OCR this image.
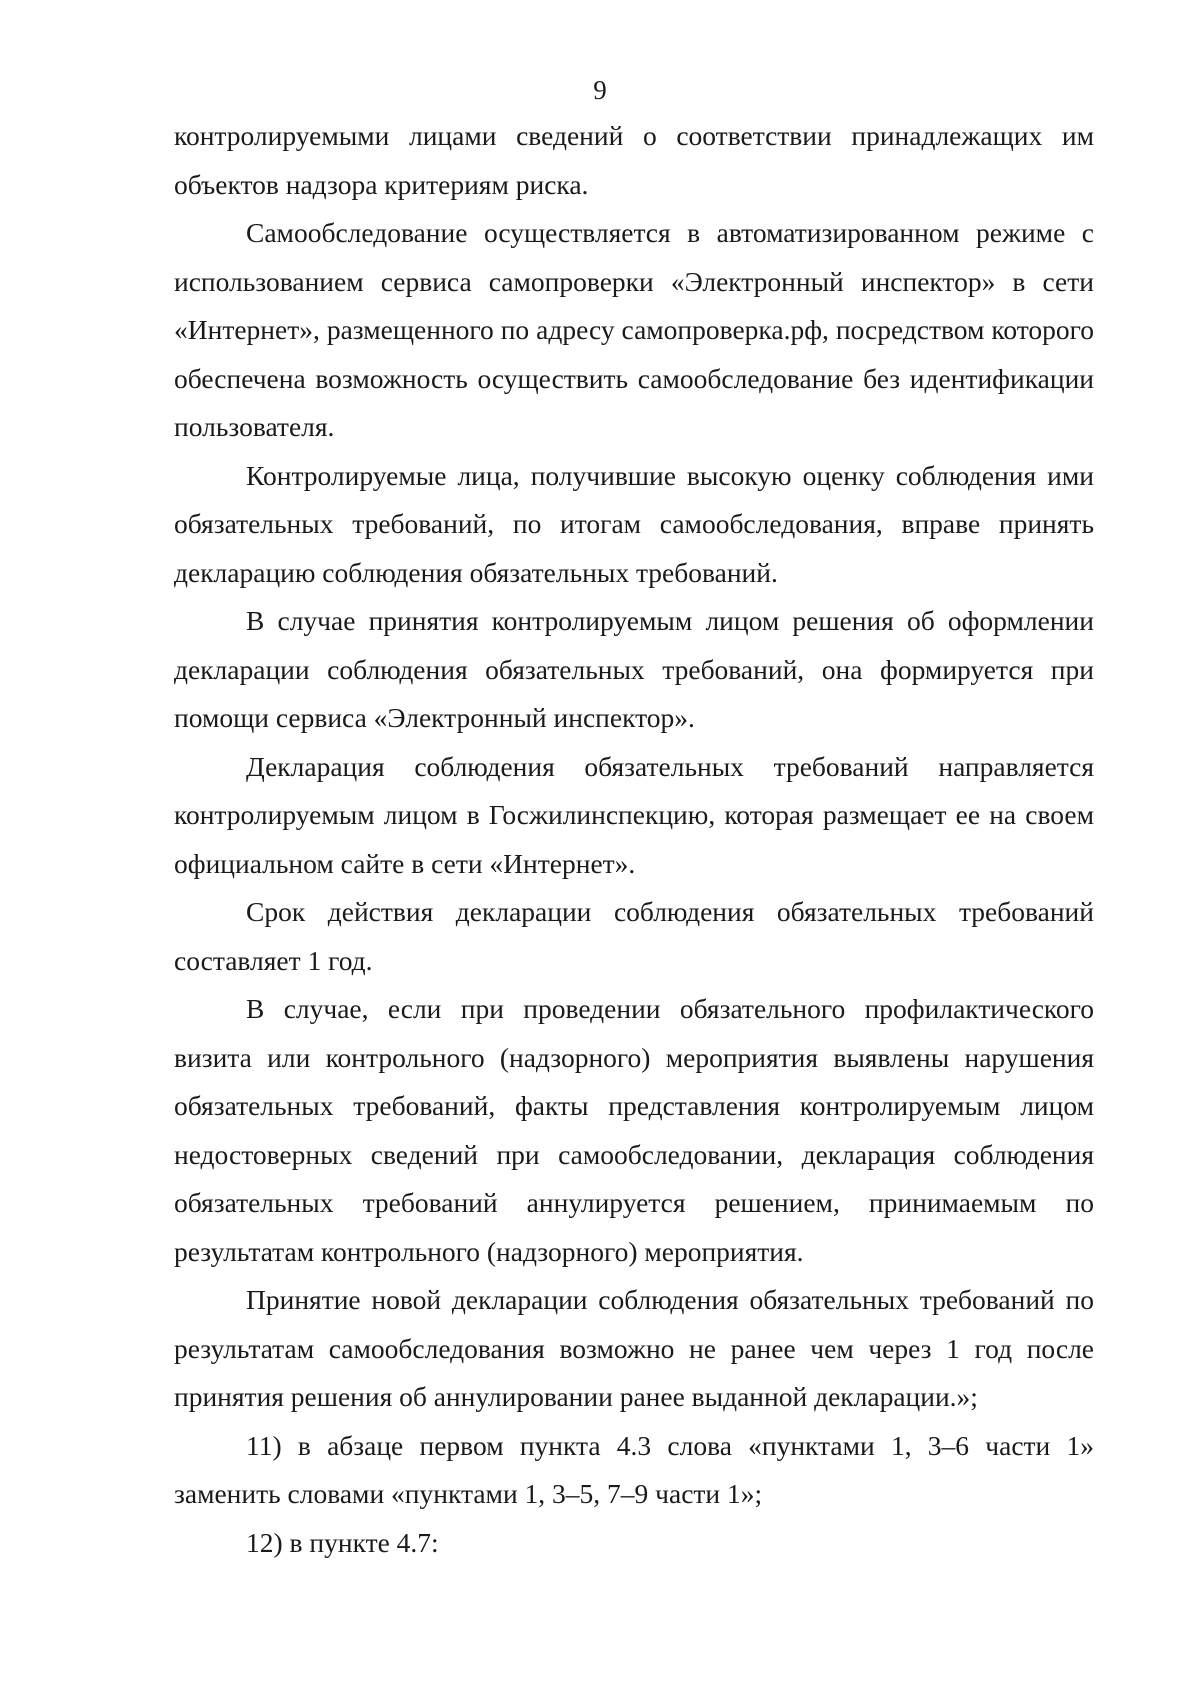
9

контролируемыми лицами сведений о соответствии принадлежащих им объектов надзора критериям риска.

Самообследование осуществляется в автоматизированном режиме с использованием сервиса самопроверки «Электронный инспектор» в сети «Интернет», размещенного по адресу самопроверка.рф, посредством которого обеспечена возможность осуществить самообследование без идентификации пользователя.

Контролируемые лица, получившие высокую оценку соблюдения ими обязательных требований, по итогам самообследования, вправе принять декларацию соблюдения обязательных требований.

В случае принятия контролируемым лицом решения об оформлении декларации соблюдения обязательных требований, она формируется при помощи сервиса «Электронный инспектор».

Декларация соблюдения обязательных требований направляется контролируемым лицом в Госжилинспекцию, которая размещает ее на своем официальном сайте в сети «Интернет».

Срок действия декларации соблюдения обязательных требований составляет 1 год.

В случае, если при проведении обязательного профилактического визита или контрольного (надзорного) мероприятия выявлены нарушения обязательных требований, факты представления контролируемым лицом недостоверных сведений при самообследовании, декларация соблюдения обязательных требований аннулируется решением, принимаемым по результатам контрольного (надзорного) мероприятия.

Принятие новой декларации соблюдения обязательных требований по результатам самообследования возможно не ранее чем через 1 год после принятия решения об аннулировании ранее выданной декларации.»;

11) в абзаце первом пункта 4.3 слова «пунктами 1, 3–6 части 1» заменить словами «пунктами 1, 3–5, 7–9 части 1»;

12) в пункте 4.7:
